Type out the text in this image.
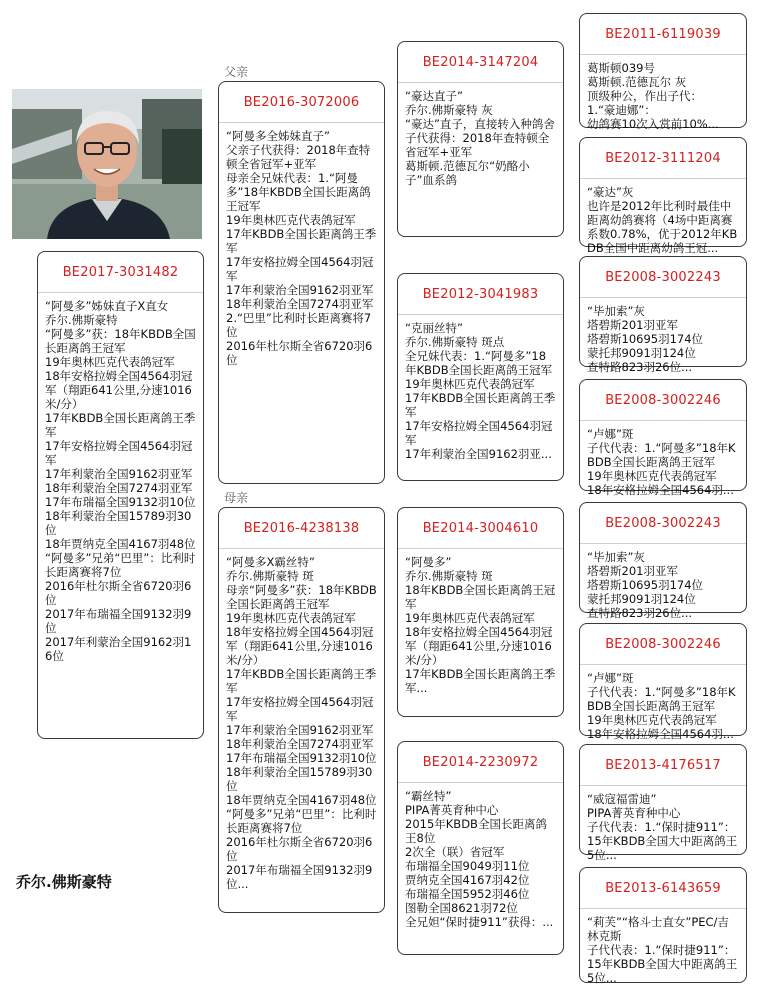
父亲
母亲
BE2017-3031482
“阿曼多”姊妹直子X直女
乔尔.佛斯豪特
“阿曼多”获：18年KBDB全国长距离鸽王冠军
19年奥林匹克代表鸽冠军
18年安格拉姆全国4564羽冠军（翔距641公里,分速1016米/分）
17年KBDB全国长距离鸽王季军
17年安格拉姆全国4564羽冠军
17年利蒙治全国9162羽亚军
18年利蒙治全国7274羽亚军
17年布瑞福全国9132羽10位
18年利蒙治全国15789羽30位
18年贾纳克全国4167羽48位
“阿曼多”兄弟“巴里”：比利时长距离赛将7位
2016年杜尔斯全省6720羽6位
2017年布瑞福全国9132羽9位
2017年利蒙治全国9162羽16位
BE2016-3072006
“阿曼多全姊妹直子”
父亲子代获得：2018年查特顿全省冠军+亚军
母亲全兄妹代表：1.“阿曼多”18年KBDB全国长距离鸽王冠军
19年奥林匹克代表鸽冠军
17年KBDB全国长距离鸽王季军
17年安格拉姆全国4564羽冠军
17年利蒙治全国9162羽亚军
18年利蒙治全国7274羽亚军
2.“巴里”比利时长距离赛将7位
2016年杜尔斯全省6720羽6位
BE2016-4238138
“阿曼多X霸丝特”
乔尔.佛斯豪特 斑
母亲“阿曼多”获：18年KBDB全国长距离鸽王冠军
19年奥林匹克代表鸽冠军
18年安格拉姆全国4564羽冠军（翔距641公里,分速1016米/分）
17年KBDB全国长距离鸽王季军
17年安格拉姆全国4564羽冠军
17年利蒙治全国9162羽亚军
18年利蒙治全国7274羽亚军
17年布瑞福全国9132羽10位
18年利蒙治全国15789羽30位
18年贾纳克全国4167羽48位
“阿曼多”兄弟“巴里”：比利时长距离赛将7位
2016年杜尔斯全省6720羽6位
2017年布瑞福全国9132羽9位...
BE2014-3147204
“豪达直子”
乔尔.佛斯豪特 灰
“豪达”直子，直接转入种鸽舍
子代获得：2018年查特顿全省冠军+亚军
葛斯顿.范德瓦尔“奶酪小子”血系鸽
BE2012-3041983
“克丽丝特”
乔尔.佛斯豪特 斑点
全兄妹代表：1.“阿曼多”18年KBDB全国长距离鸽王冠军
19年奥林匹克代表鸽冠军
17年KBDB全国长距离鸽王季军
17年安格拉姆全国4564羽冠军
17年利蒙治全国9162羽亚...
BE2014-3004610
“阿曼多”
乔尔.佛斯豪特 斑
18年KBDB全国长距离鸽王冠军
19年奥林匹克代表鸽冠军
18年安格拉姆全国4564羽冠军（翔距641公里,分速1016米/分）
17年KBDB全国长距离鸽王季军...
BE2014-2230972
“霸丝特”
PIPA菁英育种中心
2015年KBDB全国长距离鸽王8位
2次全（联）省冠军
布瑞福全国9049羽11位
贾纳克全国4167羽42位
布瑞福全国5952羽46位
图勒全国8621羽72位
全兄妲“保时捷911”获得：...
BE2011-6119039
葛斯顿039号
葛斯顿.范德瓦尔 灰
顶级种公，作出子代：
1.“豪迪娜”：
幼鸽赛10次入赏前10%...
BE2012-3111204
“豪达”灰
也许是2012年比利时最佳中距离幼鸽赛将（4场中距离赛系数0.78%，优于2012年KBDB全国中距离幼鸽王冠...
BE2008-3002243
“毕加索”灰
塔碧斯201羽亚军
塔碧斯10695羽174位
蒙托邦9091羽124位
查特路823羽26位...
BE2008-3002246
“卢娜”斑
子代代表：1.“阿曼多”18年KBDB全国长距离鸽王冠军
19年奥林匹克代表鸽冠军
18年安格拉姆全国4564羽...
BE2008-3002243
“毕加索”灰
塔碧斯201羽亚军
塔碧斯10695羽174位
蒙托邦9091羽124位
查特路823羽26位...
BE2008-3002246
“卢娜”斑
子代代表：1.“阿曼多”18年KBDB全国长距离鸽王冠军
19年奥林匹克代表鸽冠军
18年安格拉姆全国4564羽...
BE2013-4176517
“威寇福雷迪”
PIPA菁英育种中心
子代代表：1.“保时捷911”：15年KBDB全国大中距离鸽王5位...
BE2013-6143659
“莉芙”“格斗士直女”PEC/吉林克斯
子代代表：1.“保时捷911”：15年KBDB全国大中距离鸽王5位...
乔尔.佛斯豪特
